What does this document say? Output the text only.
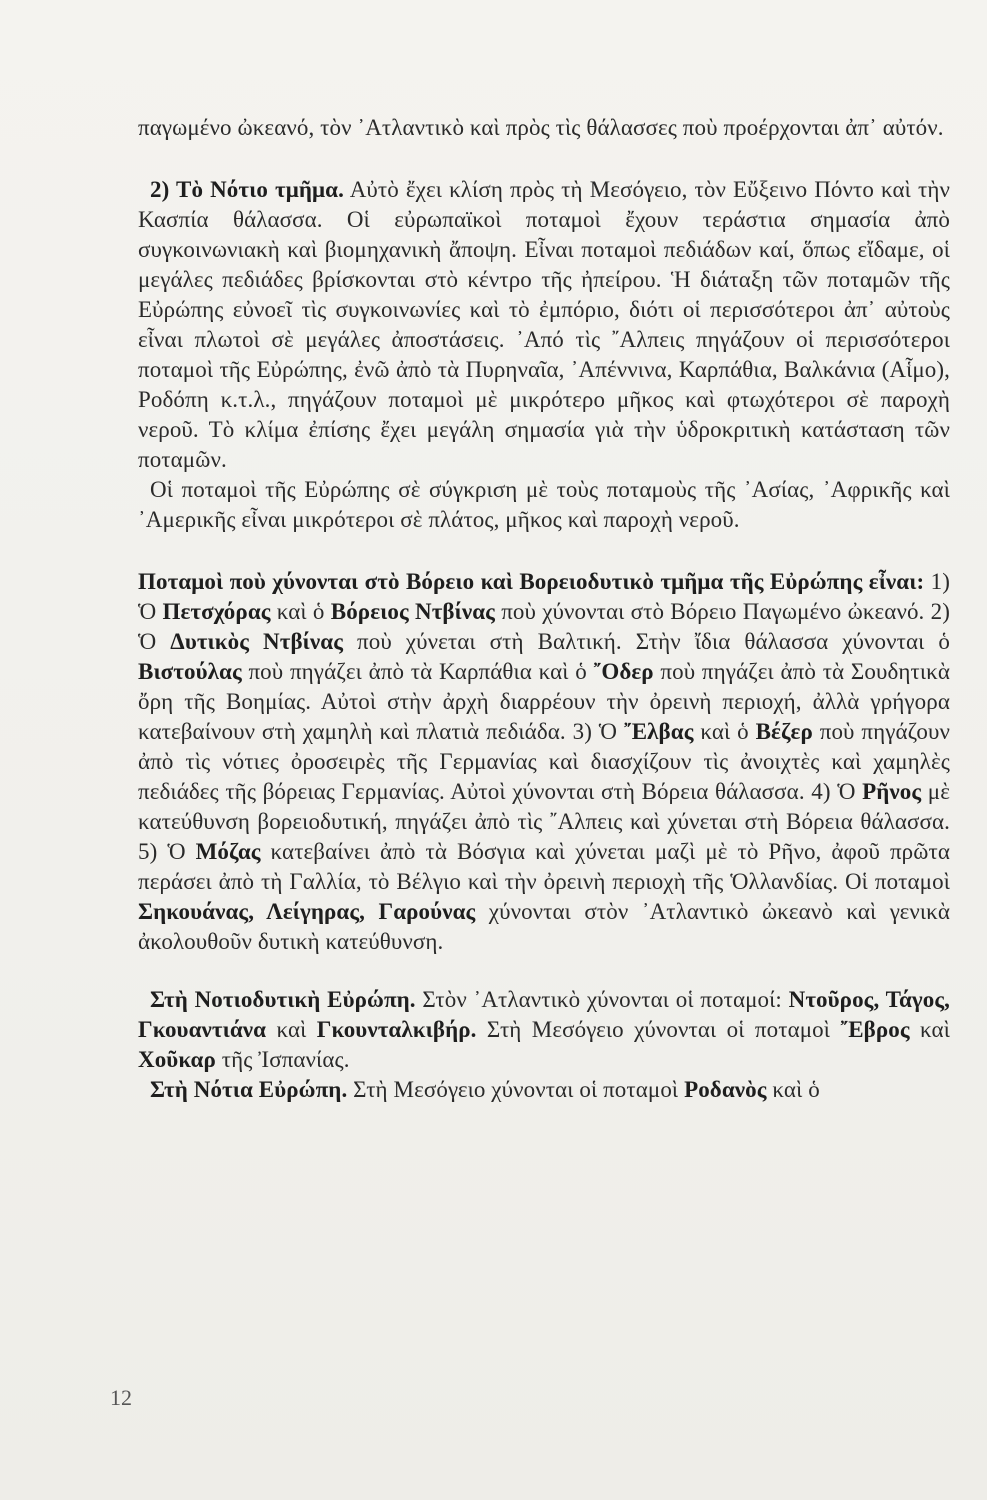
παγωμένο ὠκεανό, τὸν ᾽Ατλαντικὸ καὶ πρὸς τὶς θάλασσες ποὺ προέρχονται ἀπ᾽ αὐτόν.

2) Τὸ Νότιο τμῆμα. Αὐτὸ ἔχει κλίση πρὸς τὴ Μεσόγειο, τὸν Εὔξεινο Πόντο καὶ τὴν Κασπία θάλασσα. Οἱ εὐρωπαϊκοὶ ποταμοὶ ἔχουν τεράστια σημασία ἀπὸ συγκοινωνιακὴ καὶ βιομηχανικὴ ἄποψη. Εἶναι ποταμοὶ πεδιάδων καί, ὅπως εἴδαμε, οἱ μεγάλες πεδιάδες βρίσκονται στὸ κέντρο τῆς ἠπείρου. Ἡ διάταξη τῶν ποταμῶν τῆς Εὐρώπης εὐνοεῖ τὶς συγκοινωνίες καὶ τὸ ἐμπόριο, διότι οἱ περισσότεροι ἀπ᾽ αὐτοὺς εἶναι πλωτοὶ σὲ μεγάλες ἀποστάσεις. ᾽Από τὶς ῎Αλπεις πηγάζουν οἱ περισσότεροι ποταμοὶ τῆς Εὐρώπης, ἐνῶ ἀπὸ τὰ Πυρηναῖα, ᾽Απέννινα, Καρπάθια, Βαλκάνια (Αἷμο), Ροδόπη κ.τ.λ., πηγάζουν ποταμοὶ μὲ μικρότερο μῆκος καὶ φτωχότεροι σὲ παροχὴ νεροῦ. Τὸ κλίμα ἐπίσης ἔχει μεγάλη σημασία γιὰ τὴν ὑδροκριτικὴ κατάσταση τῶν ποταμῶν.

Οἱ ποταμοὶ τῆς Εὐρώπης σὲ σύγκριση μὲ τοὺς ποταμοὺς τῆς ᾽Ασίας, ᾽Αφρικῆς καὶ ᾽Αμερικῆς εἶναι μικρότεροι σὲ πλάτος, μῆκος καὶ παροχὴ νεροῦ.

Ποταμοὶ ποὺ χύνονται στὸ Βόρειο καὶ Βορειοδυτικὸ τμῆμα τῆς Εὐρώπης εἶναι: 1) Ὁ Πετσχόρας καὶ ὁ Βόρειος Ντβίνας ποὺ χύνονται στὸ Βόρειο Παγωμένο ὠκεανό. 2) Ὁ Δυτικὸς Ντβίνας ποὺ χύνεται στὴ Βαλτική. Στὴν ἴδια θάλασσα χύνονται ὁ Βιστούλας ποὺ πηγάζει ἀπὸ τὰ Καρπάθια καὶ ὁ ῎Οδερ ποὺ πηγάζει ἀπὸ τὰ Σουδητικὰ ὄρη τῆς Βοημίας. Αὐτοὶ στὴν ἀρχὴ διαρρέουν τὴν ὀρεινὴ περιοχή, ἀλλὰ γρήγορα κατεβαίνουν στὴ χαμηλὴ καὶ πλατιὰ πεδιάδα. 3) Ὁ ῎Ελβας καὶ ὁ Βέζερ ποὺ πηγάζουν ἀπὸ τὶς νότιες ὀροσειρὲς τῆς Γερμανίας καὶ διασχίζουν τὶς ἀνοιχτὲς καὶ χαμηλὲς πεδιάδες τῆς βόρειας Γερμανίας. Αὐτοὶ χύνονται στὴ Βόρεια θάλασσα. 4) Ὁ Ρῆνος μὲ κατεύθυνση βορειοδυτική, πηγάζει ἀπὸ τὶς ῎Αλπεις καὶ χύνεται στὴ Βόρεια θάλασσα. 5) Ὁ Μόζας κατεβαίνει ἀπὸ τὰ Βόσγια καὶ χύνεται μαζὶ μὲ τὸ Ρῆνο, ἀφοῦ πρῶτα περάσει ἀπὸ τὴ Γαλλία, τὸ Βέλγιο καὶ τὴν ὀρεινὴ περιοχὴ τῆς Ὁλλανδίας. Οἱ ποταμοὶ Σηκουάνας, Λείγηρας, Γαρούνας χύνονται στὸν ᾽Ατλαντικὸ ὠκεανὸ καὶ γενικὰ ἀκολουθοῦν δυτικὴ κατεύθυνση.

Στὴ Νοτιοδυτικὴ Εὐρώπη. Στὸν ᾽Ατλαντικὸ χύνονται οἱ ποταμοί: Ντοῦρος, Τάγος, Γκουαντιάνα καὶ Γκουνταλκιβήρ. Στὴ Μεσόγειο χύνονται οἱ ποταμοὶ ῎Εβρος καὶ Χοῦκαρ τῆς Ἰσπανίας.

Στὴ Νότια Εὐρώπη. Στὴ Μεσόγειο χύνονται οἱ ποταμοὶ Ροδανὸς καὶ ὁ

12
